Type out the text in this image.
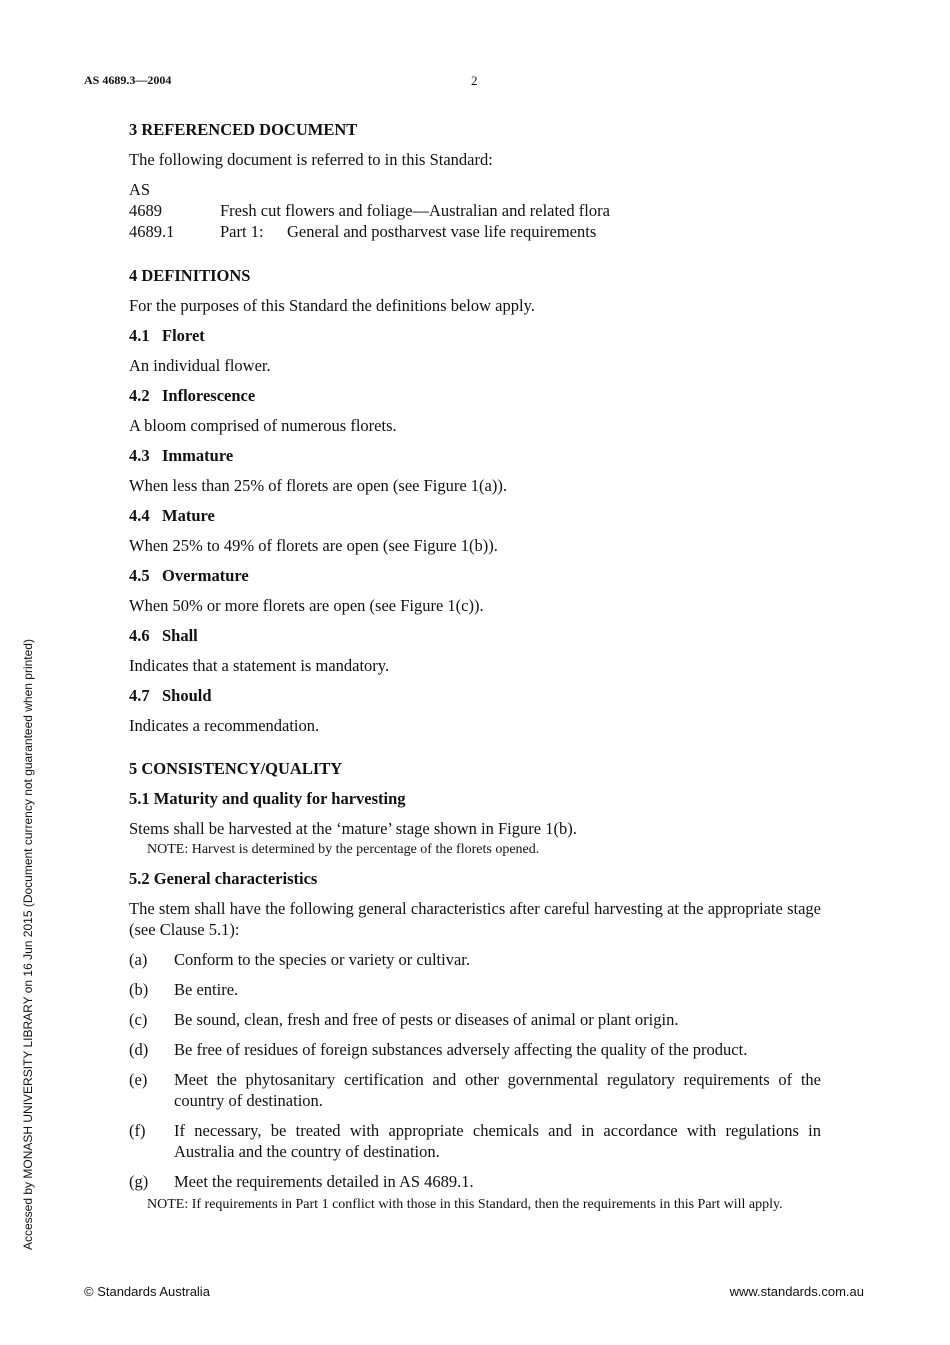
AS 4689.3—2004	2
Accessed by MONASH UNIVERSITY LIBRARY on 16 Jun 2015 (Document currency not guaranteed when printed)

3 REFERENCED DOCUMENT

The following document is referred to in this Standard:

AS
4689	Fresh cut flowers and foliage—Australian and related flora
4689.1	Part 1:	General and postharvest vase life requirements

4 DEFINITIONS

For the purposes of this Standard the definitions below apply.

4.1 Floret

An individual flower.

4.2 Inflorescence

A bloom comprised of numerous florets.

4.3 Immature

When less than 25% of florets are open (see Figure 1(a)).

4.4 Mature

When 25% to 49% of florets are open (see Figure 1(b)).

4.5 Overmature

When 50% or more florets are open (see Figure 1(c)).

4.6 Shall

Indicates that a statement is mandatory.

4.7 Should

Indicates a recommendation.

5 CONSISTENCY/QUALITY

5.1 Maturity and quality for harvesting

Stems shall be harvested at the ‘mature’ stage shown in Figure 1(b).

NOTE: Harvest is determined by the percentage of the florets opened.

5.2 General characteristics

The stem shall have the following general characteristics after careful harvesting at the appropriate stage (see Clause 5.1):

(a)	Conform to the species or variety or cultivar.
(b)	Be entire.
(c)	Be sound, clean, fresh and free of pests or diseases of animal or plant origin.
(d)	Be free of residues of foreign substances adversely affecting the quality of the product.
(e)	Meet the phytosanitary certification and other governmental regulatory requirements of the country of destination.
(f)	If necessary, be treated with appropriate chemicals and in accordance with regulations in Australia and the country of destination.
(g)	Meet the requirements detailed in AS 4689.1.

NOTE: If requirements in Part 1 conflict with those in this Standard, then the requirements in this Part will apply.

© Standards Australia	www.standards.com.au
